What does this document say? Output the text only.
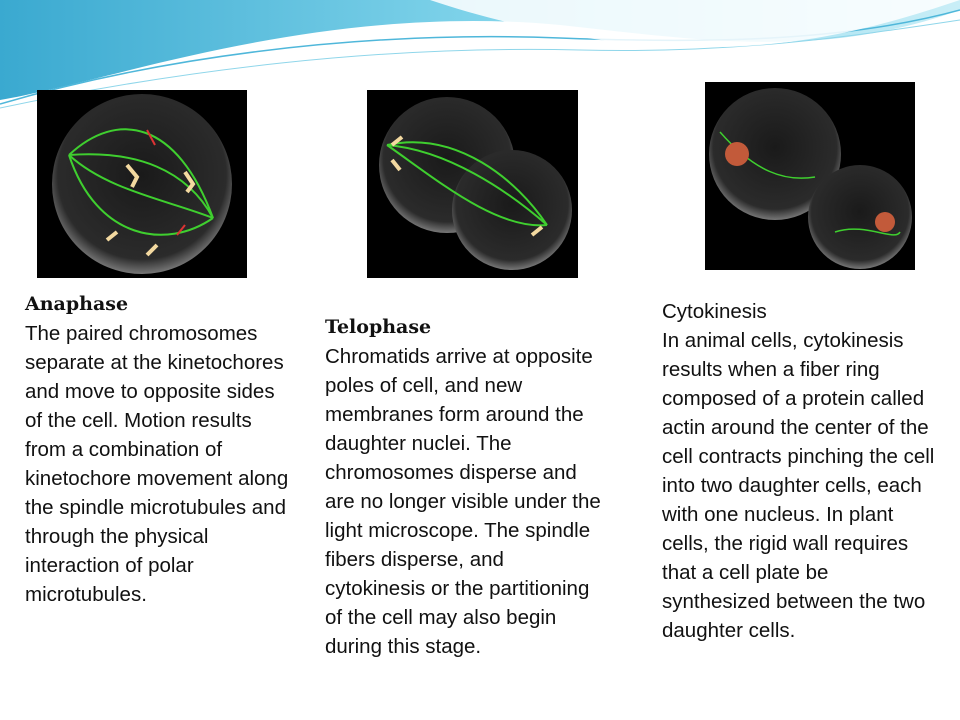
Anaphase
The paired chromosomes separate at the kinetochores and move to opposite sides of the cell. Motion results from a combination of kinetochore movement along the spindle microtubules and through the physical interaction of polar microtubules.
Telophase
Chromatids arrive at opposite poles of cell, and new membranes form around the daughter nuclei. The chromosomes disperse and are no longer visible under the light microscope. The spindle fibers disperse, and cytokinesis or the partitioning of the cell may also begin during this stage.
Cytokinesis
In animal cells, cytokinesis results when a fiber ring composed of a protein called actin around the center of the cell contracts pinching the cell into two daughter cells, each with one nucleus. In plant cells, the rigid wall requires that a cell plate be synthesized between the two daughter cells.
